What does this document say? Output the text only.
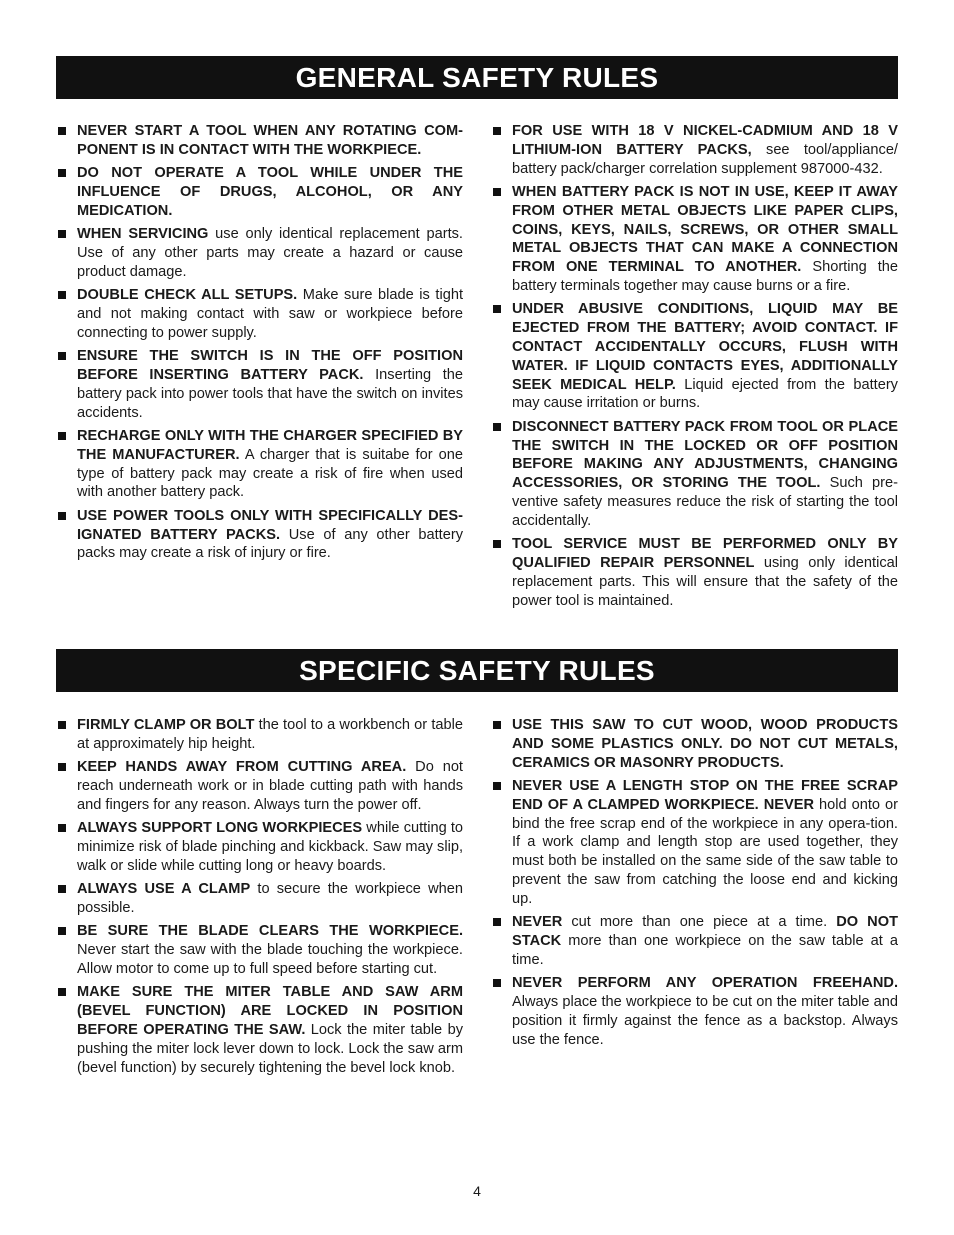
GENERAL SAFETY RULES
NEVER START A TOOL WHEN ANY ROTATING COM-PONENT IS IN CONTACT WITH THE WORKPIECE.
DO NOT OPERATE A TOOL WHILE UNDER THE INFLUENCE OF DRUGS, ALCOHOL, OR ANY MEDICATION.
WHEN SERVICING use only identical replacement parts. Use of any other parts may create a hazard or cause product damage.
DOUBLE CHECK ALL SETUPS. Make sure blade is tight and not making contact with saw or workpiece before connecting to power supply.
ENSURE THE SWITCH IS IN THE OFF POSITION BEFORE INSERTING BATTERY PACK. Inserting the battery pack into power tools that have the switch on invites accidents.
RECHARGE ONLY WITH THE CHARGER SPECIFIED BY THE MANUFACTURER. A charger that is suitabe for one type of battery pack may create a risk of fire when used with another battery pack.
USE POWER TOOLS ONLY WITH SPECIFICALLY DES-IGNATED BATTERY PACKS. Use of any other battery packs may create a risk of injury or fire.
FOR USE WITH 18 V NICKEL-CADMIUM AND 18 V LITHIUM-ION BATTERY PACKS, see tool/appliance/ battery pack/charger correlation supplement 987000-432.
WHEN BATTERY PACK IS NOT IN USE, KEEP IT AWAY FROM OTHER METAL OBJECTS LIKE PAPER CLIPS, COINS, KEYS, NAILS, SCREWS, OR OTHER SMALL METAL OBJECTS THAT CAN MAKE A CONNECTION FROM ONE TERMINAL TO ANOTHER. Shorting the battery terminals together may cause burns or a fire.
UNDER ABUSIVE CONDITIONS, LIQUID MAY BE EJECTED FROM THE BATTERY; AVOID CONTACT. IF CONTACT ACCIDENTALLY OCCURS, FLUSH WITH WATER. IF LIQUID CONTACTS EYES, ADDITIONALLY SEEK MEDICAL HELP. Liquid ejected from the battery may cause irritation or burns.
DISCONNECT BATTERY PACK FROM TOOL OR PLACE THE SWITCH IN THE LOCKED OR OFF POSITION BEFORE MAKING ANY ADJUSTMENTS, CHANGING ACCESSORIES, OR STORING THE TOOL. Such pre-ventive safety measures reduce the risk of starting the tool accidentally.
TOOL SERVICE MUST BE PERFORMED ONLY BY QUALIFIED REPAIR PERSONNEL using only identical replacement parts. This will ensure that the safety of the power tool is maintained.
SPECIFIC SAFETY RULES
FIRMLY CLAMP OR BOLT the tool to a workbench or table at approximately hip height.
KEEP HANDS AWAY FROM CUTTING AREA. Do not reach underneath work or in blade cutting path with hands and fingers for any reason. Always turn the power off.
ALWAYS SUPPORT LONG WORKPIECES while cutting to minimize risk of blade pinching and kickback. Saw may slip, walk or slide while cutting long or heavy boards.
ALWAYS USE A CLAMP to secure the workpiece when possible.
BE SURE THE BLADE CLEARS THE WORKPIECE. Never start the saw with the blade touching the workpiece. Allow motor to come up to full speed before starting cut.
MAKE SURE THE MITER TABLE AND SAW ARM (BEVEL FUNCTION) ARE LOCKED IN POSITION BEFORE OPERATING THE SAW. Lock the miter table by pushing the miter lock lever down to lock. Lock the saw arm (bevel function) by securely tightening the bevel lock knob.
USE THIS SAW TO CUT WOOD, WOOD PRODUCTS AND SOME PLASTICS ONLY. DO NOT CUT METALS, CERAMICS OR MASONRY PRODUCTS.
NEVER USE A LENGTH STOP ON THE FREE SCRAP END OF A CLAMPED WORKPIECE. NEVER hold onto or bind the free scrap end of the workpiece in any opera-tion. If a work clamp and length stop are used together, they must both be installed on the same side of the saw table to prevent the saw from catching the loose end and kicking up.
NEVER cut more than one piece at a time. DO NOT STACK more than one workpiece on the saw table at a time.
NEVER PERFORM ANY OPERATION FREEHAND. Always place the workpiece to be cut on the miter table and position it firmly against the fence as a backstop. Always use the fence.
4
